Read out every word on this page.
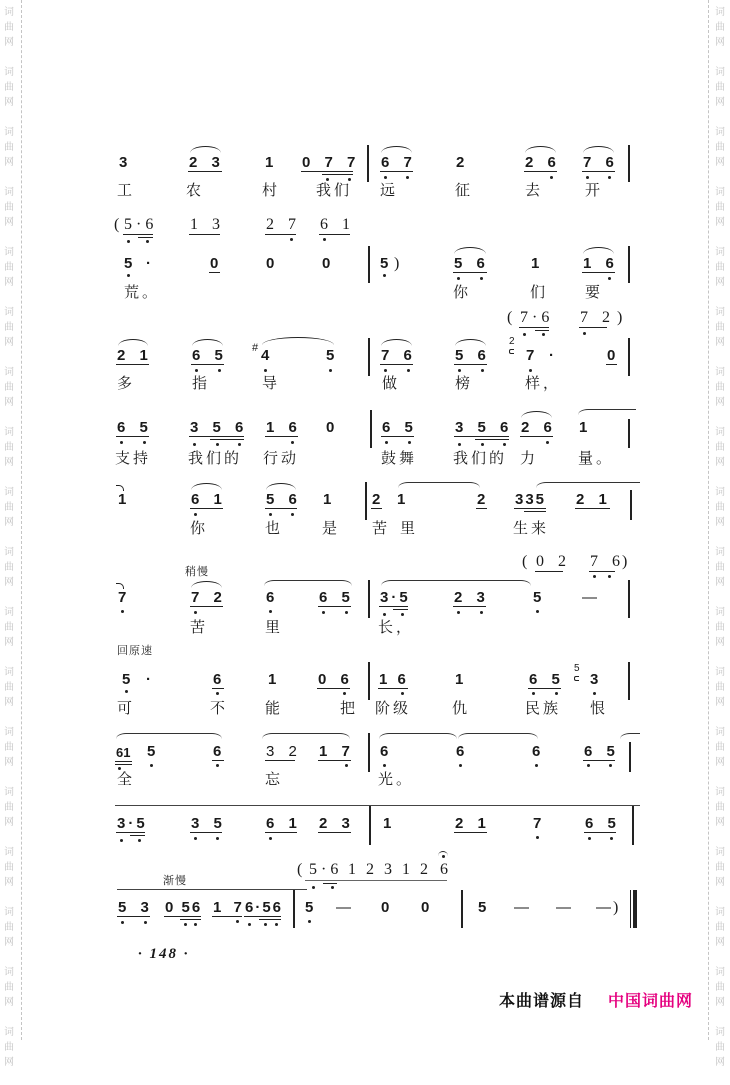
词
曲
网
词
曲
网
词
曲
网
词
曲
网
词
曲
网
词
曲
网
词
曲
网
词
曲
网
词
曲
网
词
曲
网
词
曲
网
词
曲
网
词
曲
网
词
曲
网
词
曲
网
词
曲
网
词
曲
网
词
曲
网
词
曲
网
词
曲
网
词
曲
网
词
曲
网
词
曲
网
词
曲
网
词
曲
网
词
曲
网
词
曲
网
词
曲
网
词
曲
网
词
曲
网
词
曲
网
词
曲
网
词
曲
网
词
曲
网
词
曲
网
词
曲
网
3	2 3	1 0 7 7 6 7	2	2 6 7 6
工	农	村 我们 远	征	去	开
( 5·6 1 3	2 7 6 1
5 ·	0	0	0	5 )	5 6	1	1 6
荒。	你	们 要
( 7·6 7 2 )
2 1	6 5 # 4	5	7 6	5 6
2
7 ·	0
多	指	导	做	榜	样，
6 5 3 5 6 1 6 0	6 5 3 5 6 2 6 1
支持 我们的 行动	鼓舞 我们的 力	量。
1	6 1	5 6 1 2 1	2 335 2 1
你	也	是 苦 里	生来
( 0 2 7 6
)
稍慢
7	7 2	6	6 5 3·5	2 3	5 —
苦	里	长，
回原速
5 ·	6	1 0 6 1 6	1	6 5
5
3
可	不 能	把 阶级	仇	民族 恨
61 5	6	3 2 1 7 6	6	6	6 5
全	忘	光。
3·5	3 5	6 1 2 3 1	2 1	7	6 5
( 5·6 1 2 3 1 2 6
渐慢
5 3 0 56 1 7 6·56 5 — 0 0	5 — — —
)
· 148 ·
本曲谱源自 中国词曲网
